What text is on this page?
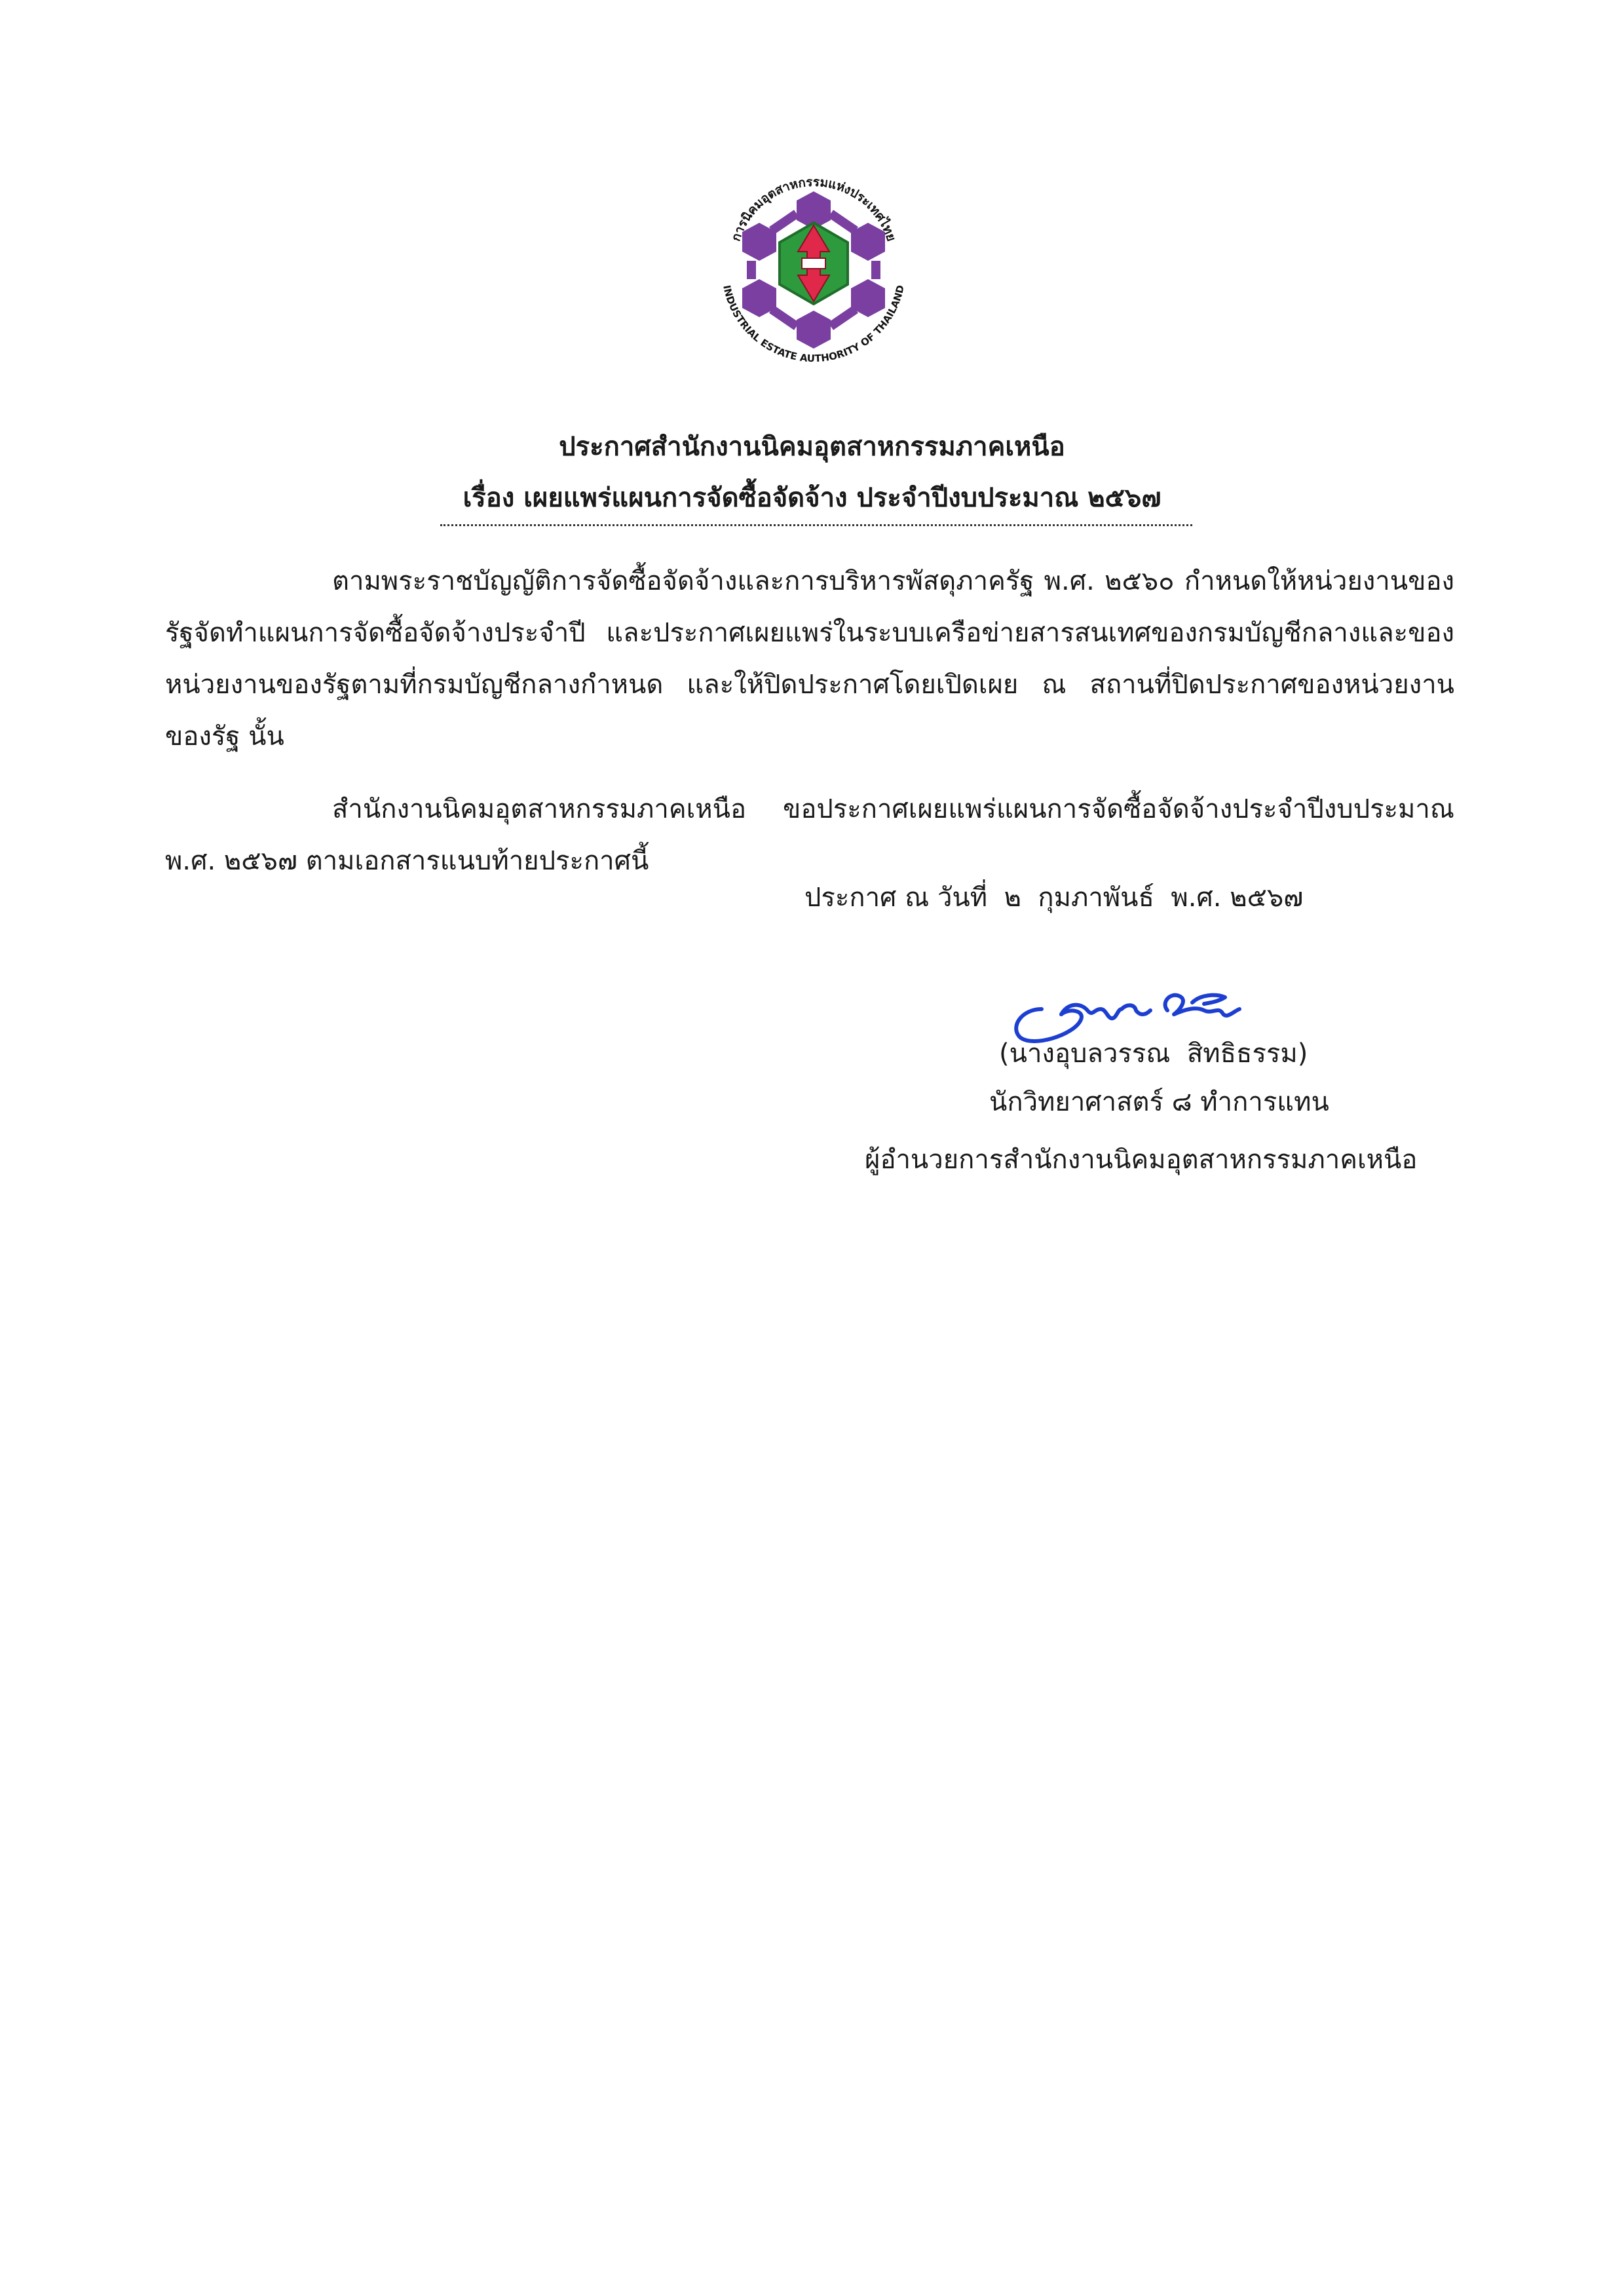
การนิคมอุตสาหกรรมแห่งประเทศไทย
INDUSTRIAL ESTATE AUTHORITY OF THAILAND
ประกาศสำนักงานนิคมอุตสาหกรรมภาคเหนือ
เรื่อง เผยแพร่แผนการจัดซื้อจัดจ้าง ประจำปีงบประมาณ ๒๕๖๗
ตามพระราชบัญญัติการจัดซื้อจัดจ้างและการบริหารพัสดุภาครัฐ พ.ศ. ๒๕๖๐ กำหนดให้หน่วยงานของรัฐจัดทำแผนการจัดซื้อจัดจ้างประจำปี และประกาศเผยแพร่ในระบบเครือข่ายสารสนเทศของกรมบัญชีกลางและของหน่วยงานของรัฐตามที่กรมบัญชีกลางกำหนด และให้ปิดประกาศโดยเปิดเผย ณ สถานที่ปิดประกาศของหน่วยงานของรัฐ นั้น
สำนักงานนิคมอุตสาหกรรมภาคเหนือ ขอประกาศเผยแพร่แผนการจัดซื้อจัดจ้างประจำปีงบประมาณ พ.ศ. ๒๕๖๗ ตามเอกสารแนบท้ายประกาศนี้
ประกาศ ณ วันที่  ๒  กุมภาพันธ์  พ.ศ. ๒๕๖๗
(นางอุบลวรรณ  สิทธิธรรม)
นักวิทยาศาสตร์ ๘ ทำการแทน
ผู้อำนวยการสำนักงานนิคมอุตสาหกรรมภาคเหนือ
